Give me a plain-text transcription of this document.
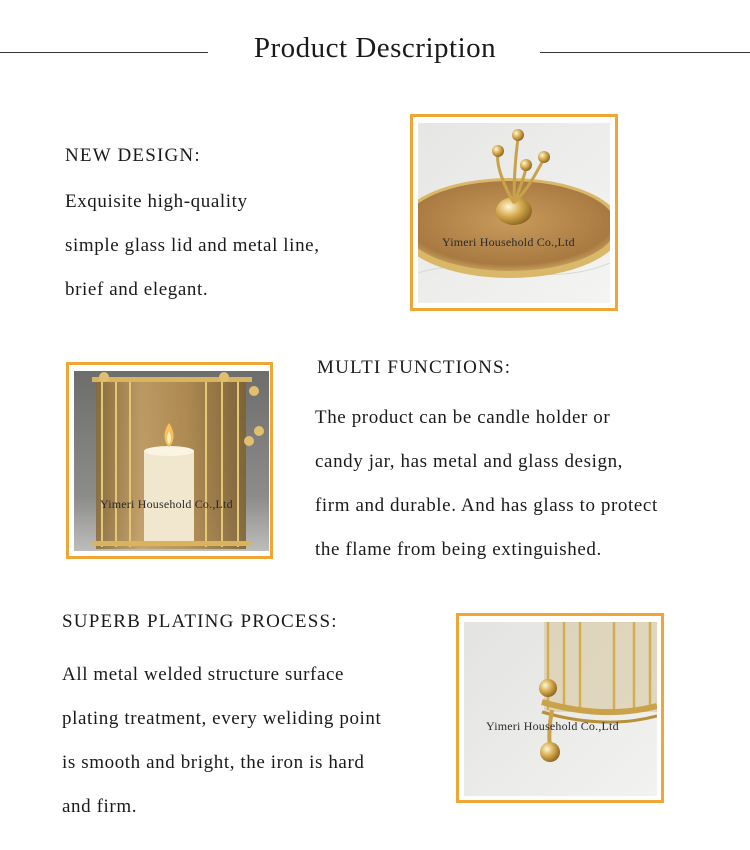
Product Description
NEW DESIGN:
Exquisite high-quality
simple glass lid and metal line,
brief and elegant.
Yimeri Household Co.,Ltd
Yimeri Household Co.,Ltd
MULTI FUNCTIONS:
The product can be candle holder or
candy jar, has metal and glass design,
firm and durable. And has glass to protect
the flame from being extinguished.
SUPERB PLATING PROCESS:
All metal welded structure surface
plating treatment, every weliding point
is smooth and bright, the iron is hard
and firm.
Yimeri Household Co.,Ltd
